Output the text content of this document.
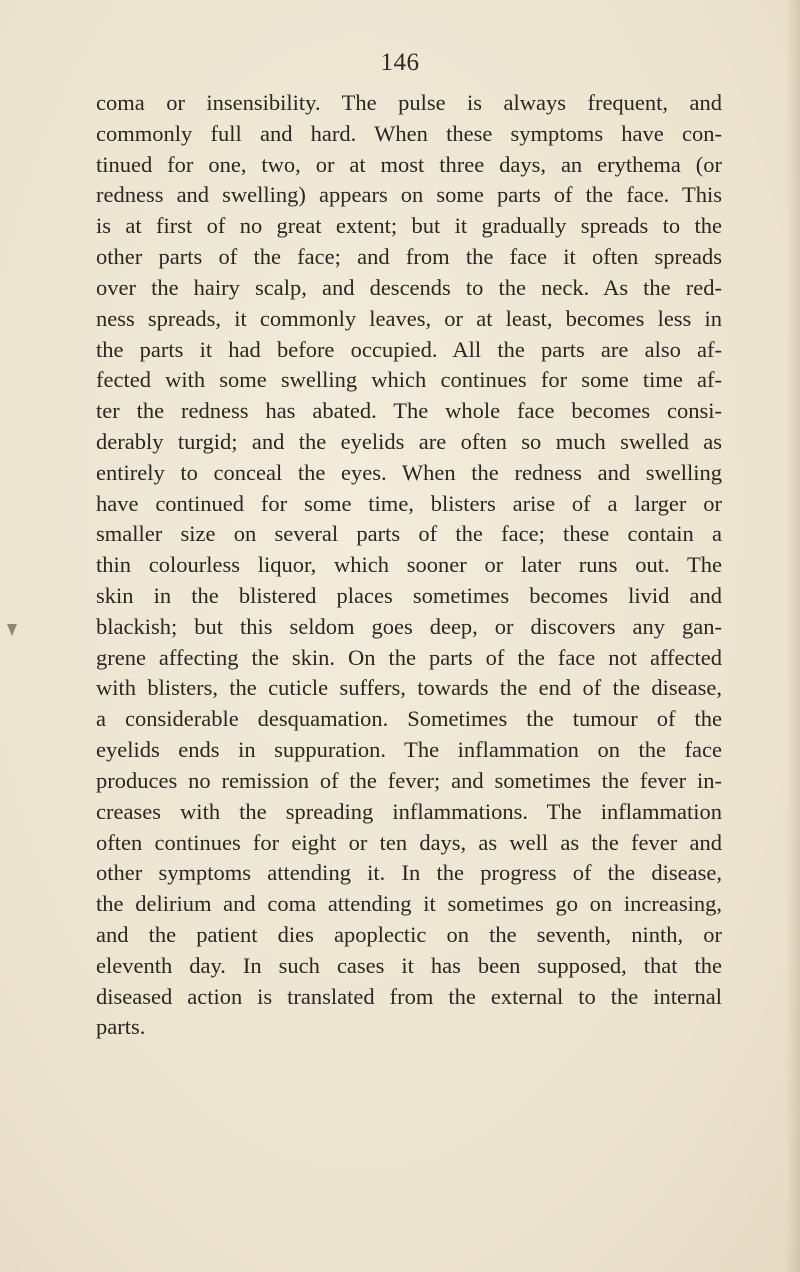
146
coma or insensibility. The pulse is always frequent, and
commonly full and hard. When these symptoms have con-
tinued for one, two, or at most three days, an erythema (or
redness and swelling) appears on some parts of the face. This
is at first of no great extent; but it gradually spreads to the
other parts of the face; and from the face it often spreads
over the hairy scalp, and descends to the neck. As the red-
ness spreads, it commonly leaves, or at least, becomes less in
the parts it had before occupied. All the parts are also af-
fected with some swelling which continues for some time af-
ter the redness has abated. The whole face becomes consi-
derably turgid; and the eyelids are often so much swelled as
entirely to conceal the eyes. When the redness and swelling
have continued for some time, blisters arise of a larger or
smaller size on several parts of the face; these contain a
thin colourless liquor, which sooner or later runs out. The
skin in the blistered places sometimes becomes livid and
blackish; but this seldom goes deep, or discovers any gan-
grene affecting the skin. On the parts of the face not affected
with blisters, the cuticle suffers, towards the end of the disease,
a considerable desquamation. Sometimes the tumour of the
eyelids ends in suppuration. The inflammation on the face
produces no remission of the fever; and sometimes the fever in-
creases with the spreading inflammations. The inflammation
often continues for eight or ten days, as well as the fever and
other symptoms attending it. In the progress of the disease,
the delirium and coma attending it sometimes go on increasing,
and the patient dies apoplectic on the seventh, ninth, or
eleventh day. In such cases it has been supposed, that the
diseased action is translated from the external to the internal
parts.
